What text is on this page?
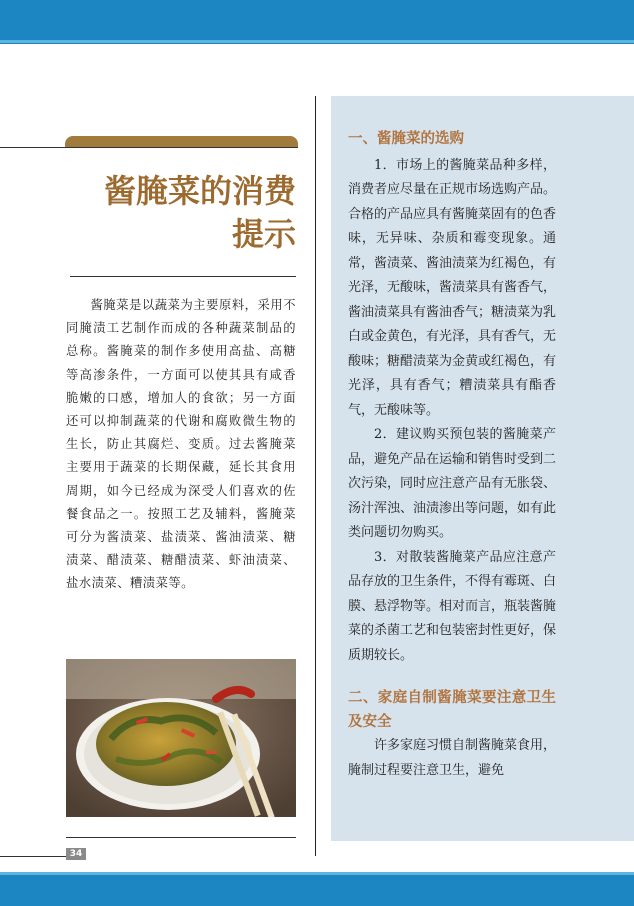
酱腌菜的消费
提示

酱腌菜是以蔬菜为主要原料，采用不同腌渍工艺制作而成的各种蔬菜制品的总称。酱腌菜的制作多使用高盐、高糖等高渗条件，一方面可以使其具有咸香脆嫩的口感，增加人的食欲；另一方面还可以抑制蔬菜的代谢和腐败微生物的生长，防止其腐烂、变质。过去酱腌菜主要用于蔬菜的长期保藏，延长其食用周期，如今已经成为深受人们喜欢的佐餐食品之一。按照工艺及辅料，酱腌菜可分为酱渍菜、盐渍菜、酱油渍菜、糖渍菜、醋渍菜、糖醋渍菜、虾油渍菜、盐水渍菜、糟渍菜等。

一、酱腌菜的选购

1．市场上的酱腌菜品种多样，消费者应尽量在正规市场选购产品。合格的产品应具有酱腌菜固有的色香味，无异味、杂质和霉变现象。通常，酱渍菜、酱油渍菜为红褐色，有光泽，无酸味，酱渍菜具有酱香气，酱油渍菜具有酱油香气；糖渍菜为乳白或金黄色，有光泽，具有香气，无酸味；糖醋渍菜为金黄或红褐色，有光泽，具有香气；糟渍菜具有酯香气，无酸味等。

2．建议购买预包装的酱腌菜产品，避免产品在运输和销售时受到二次污染，同时应注意产品有无胀袋、汤汁浑浊、油渍渗出等问题，如有此类问题切勿购买。

3．对散装酱腌菜产品应注意产品存放的卫生条件，不得有霉斑、白膜、悬浮物等。相对而言，瓶装酱腌菜的杀菌工艺和包装密封性更好，保质期较长。

二、家庭自制酱腌菜要注意卫生及安全

许多家庭习惯自制酱腌菜食用，腌制过程要注意卫生，避免

34
